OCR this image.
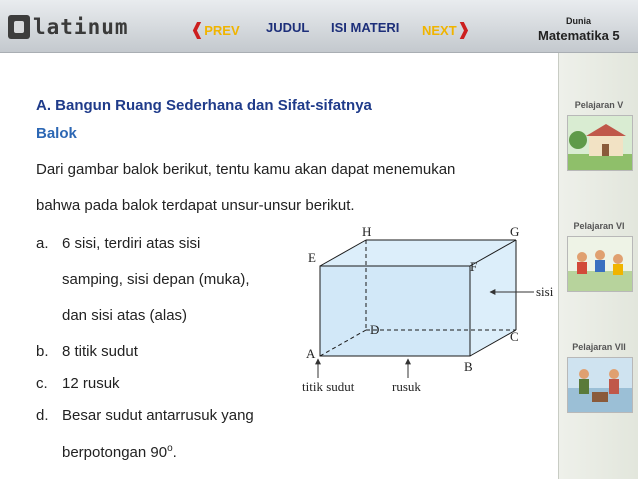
latinum	❰PREV JUDUL ISI MATERI NEXT❱	Dunia
Matematika 5
Pelajaran V
Pelajaran VI
Pelajaran VII
A. Bangun Ruang Sederhana dan Sifat-sifatnya
Balok
Dari gambar balok berikut, tentu kamu akan dapat menemukan
bahwa pada balok terdapat unsur-unsur berikut.
a. 6 sisi, terdiri atas sisi
samping, sisi depan (muka),
dan sisi atas (alas)
b. 8 titik sudut
c. 12 rusuk
d. Besar sudut antarrusuk yang
berpotongan 90$^o$.
A
B
C
D
E
F
G
H
sisi
titik sudut	rusuk
